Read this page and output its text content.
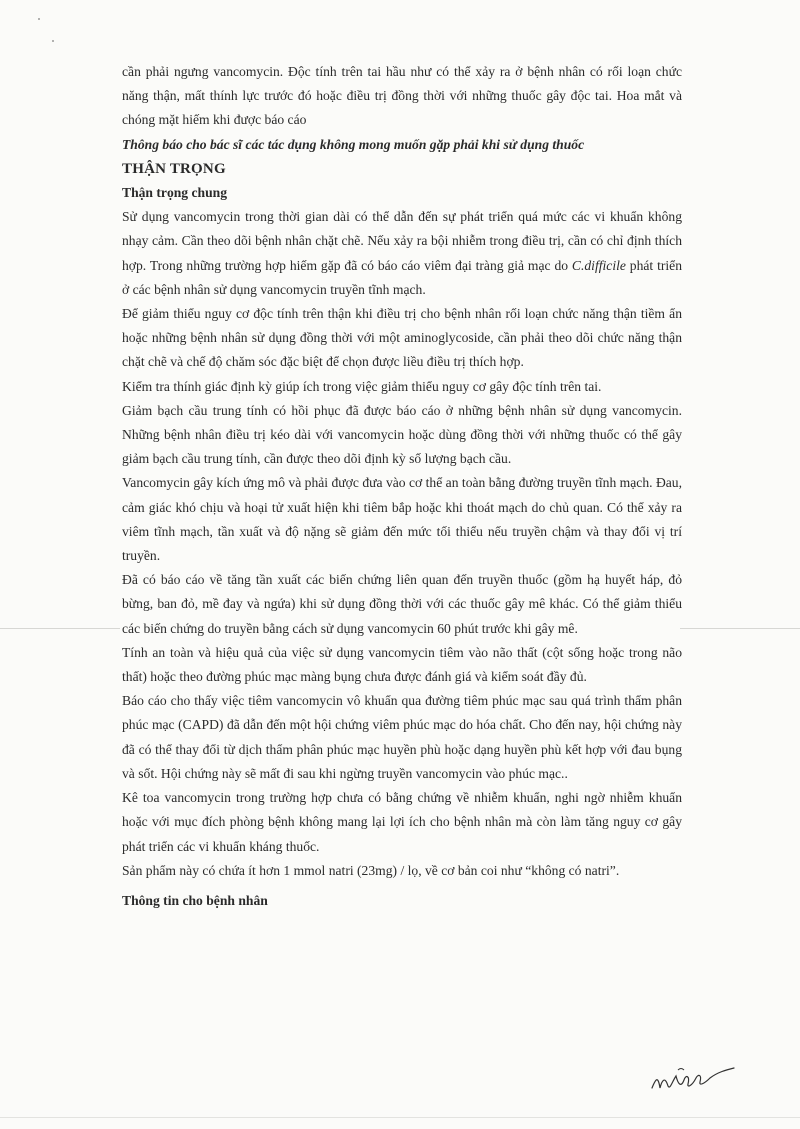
cần phải ngưng vancomycin. Độc tính trên tai hầu như có thể xảy ra ở bệnh nhân có rối loạn chức năng thận, mất thính lực trước đó hoặc điều trị đồng thời với những thuốc gây độc tai. Hoa mắt và chóng mặt hiếm khi được báo cáo

Thông báo cho bác sĩ các tác dụng không mong muốn gặp phải khi sử dụng thuốc

THẬN TRỌNG

Thận trọng chung

Sử dụng vancomycin trong thời gian dài có thể dẫn đến sự phát triển quá mức các vi khuẩn không nhạy cảm. Cần theo dõi bệnh nhân chặt chẽ. Nếu xảy ra bội nhiễm trong điều trị, cần có chỉ định thích hợp. Trong những trường hợp hiếm gặp đã có báo cáo viêm đại tràng giả mạc do C.difficile phát triển ở các bệnh nhân sử dụng vancomycin truyền tĩnh mạch.

Để giảm thiểu nguy cơ độc tính trên thận khi điều trị cho bệnh nhân rối loạn chức năng thận tiềm ẩn hoặc những bệnh nhân sử dụng đồng thời với một aminoglycoside, cần phải theo dõi chức năng thận chặt chẽ và chế độ chăm sóc đặc biệt để chọn được liều điều trị thích hợp.

Kiểm tra thính giác định kỳ giúp ích trong việc giảm thiểu nguy cơ gây độc tính trên tai.

Giảm bạch cầu trung tính có hồi phục đã được báo cáo ở những bệnh nhân sử dụng vancomycin. Những bệnh nhân điều trị kéo dài với vancomycin hoặc dùng đồng thời với những thuốc có thể gây giảm bạch cầu trung tính, cần được theo dõi định kỳ số lượng bạch cầu.

Vancomycin gây kích ứng mô và phải được đưa vào cơ thể an toàn bằng đường truyền tĩnh mạch. Đau, cảm giác khó chịu và hoại tử xuất hiện khi tiêm bắp hoặc khi thoát mạch do chủ quan. Có thể xảy ra viêm tĩnh mạch, tần xuất và độ nặng sẽ giảm đến mức tối thiểu nếu truyền chậm và thay đổi vị trí truyền.

Đã có báo cáo về tăng tần xuất các biến chứng liên quan đến truyền thuốc (gồm hạ huyết háp, đỏ bừng, ban đỏ, mề đay và ngứa) khi sử dụng đồng thời với các thuốc gây mê khác. Có thể giảm thiểu các biến chứng do truyền bằng cách sử dụng vancomycin 60 phút trước khi gây mê.

Tính an toàn và hiệu quả của việc sử dụng vancomycin tiêm vào não thất (cột sống hoặc trong não thất) hoặc theo đường phúc mạc màng bụng chưa được đánh giá và kiểm soát đầy đủ.

Báo cáo cho thấy việc tiêm vancomycin vô khuẩn qua đường tiêm phúc mạc sau quá trình thẩm phân phúc mạc (CAPD) đã dẫn đến một hội chứng viêm phúc mạc do hóa chất. Cho đến nay, hội chứng này đã có thể thay đổi từ dịch thẩm phân phúc mạc huyền phù hoặc dạng huyền phù kết hợp với đau bụng và sốt. Hội chứng này sẽ mất đi sau khi ngừng truyền vancomycin vào phúc mạc..

Kê toa vancomycin trong trường hợp chưa có bằng chứng về nhiễm khuẩn, nghi ngờ nhiễm khuẩn hoặc với mục đích phòng bệnh không mang lại lợi ích cho bệnh nhân mà còn làm tăng nguy cơ gây phát triển các vi khuẩn kháng thuốc.

Sản phẩm này có chứa ít hơn 1 mmol natri (23mg) / lọ, về cơ bản coi như “không có natri”.

Thông tin cho bệnh nhân
